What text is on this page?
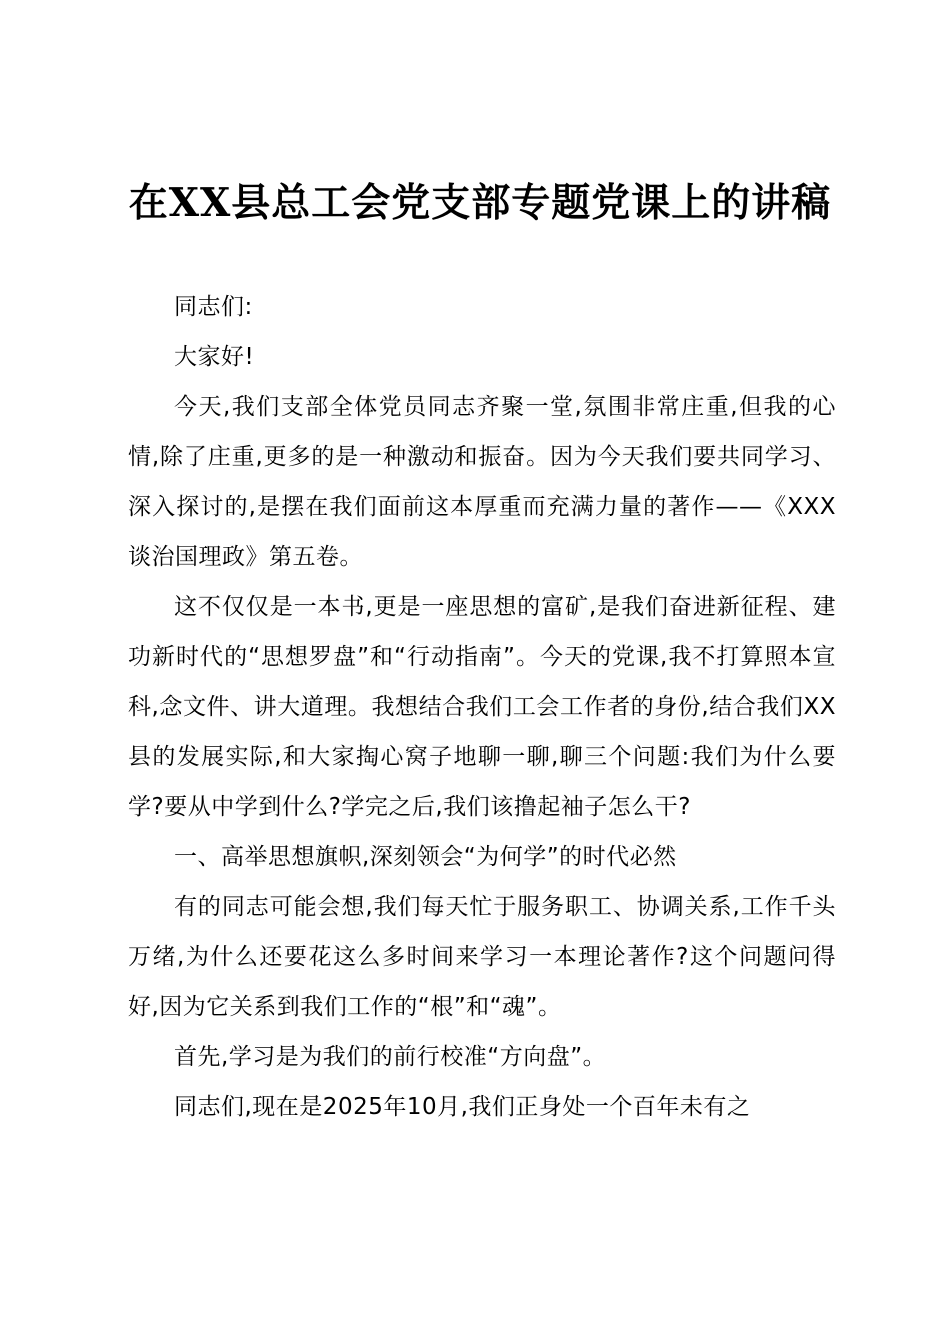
在XX县总工会党支部专题党课上的讲稿

同志们:

大家好!

今天,我们支部全体党员同志齐聚一堂,氛围非常庄重,但我的心情,除了庄重,更多的是一种激动和振奋。因为今天我们要共同学习、深入探讨的,是摆在我们面前这本厚重而充满力量的著作——《XXX谈治国理政》第五卷。

这不仅仅是一本书,更是一座思想的富矿,是我们奋进新征程、建功新时代的“思想罗盘”和“行动指南”。今天的党课,我不打算照本宣科,念文件、讲大道理。我想结合我们工会工作者的身份,结合我们XX县的发展实际,和大家掏心窝子地聊一聊,聊三个问题:我们为什么要学?要从中学到什么?学完之后,我们该撸起袖子怎么干?

一、高举思想旗帜,深刻领会“为何学”的时代必然

有的同志可能会想,我们每天忙于服务职工、协调关系,工作千头万绪,为什么还要花这么多时间来学习一本理论著作?这个问题问得好,因为它关系到我们工作的“根”和“魂”。

首先,学习是为我们的前行校准“方向盘”。

同志们,现在是2025年10月,我们正身处一个百年未有之
